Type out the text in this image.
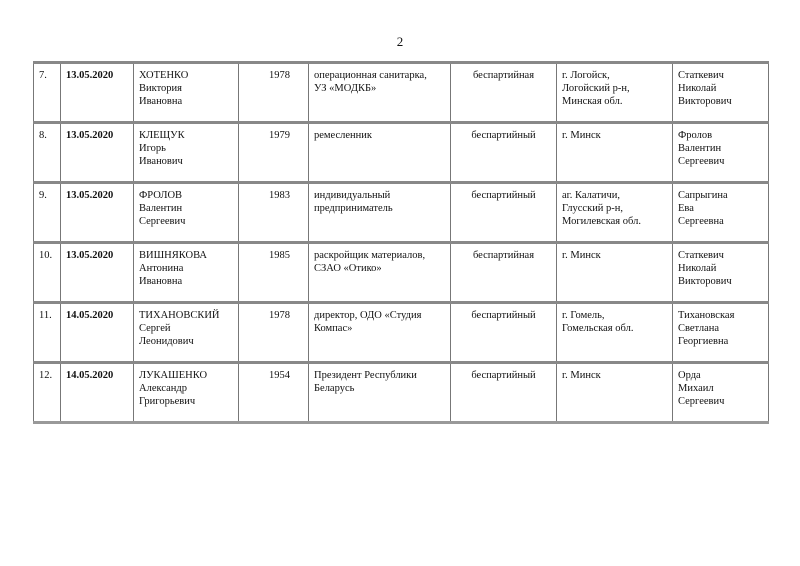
2
7.	13.05.2020	ХОТЕНКО
Виктория
Ивановна	1978	операционная санитарка,
УЗ «МОДКБ»	беспартийная	г. Логойск,
Логойский р-н,
Минская обл.	Статкевич
Николай
Викторович

8.	13.05.2020	КЛЕЩУК
Игорь
Иванович	1979	ремесленник	беспартийный	г. Минск	Фролов
Валентин
Сергеевич

9.	13.05.2020	ФРОЛОВ
Валентин
Сергеевич	1983	индивидуальный
предприниматель	беспартийный	аг. Калатичи,
Глусский р-н,
Могилевская обл.	Сапрыгина
Ева
Сергеевна

10.	13.05.2020	ВИШНЯКОВА
Антонина
Ивановна	1985	раскройщик материалов,
СЗАО «Отико»	беспартийная	г. Минск	Статкевич
Николай
Викторович

11.	14.05.2020	ТИХАНОВСКИЙ
Сергей
Леонидович	1978	директор, ОДО «Студия
Компас»	беспартийный	г. Гомель,
Гомельская обл.	Тихановская
Светлана
Георгиевна

12.	14.05.2020	ЛУКАШЕНКО
Александр
Григорьевич	1954	Президент Республики
Беларусь	беспартийный	г. Минск	Орда
Михаил
Сергеевич
